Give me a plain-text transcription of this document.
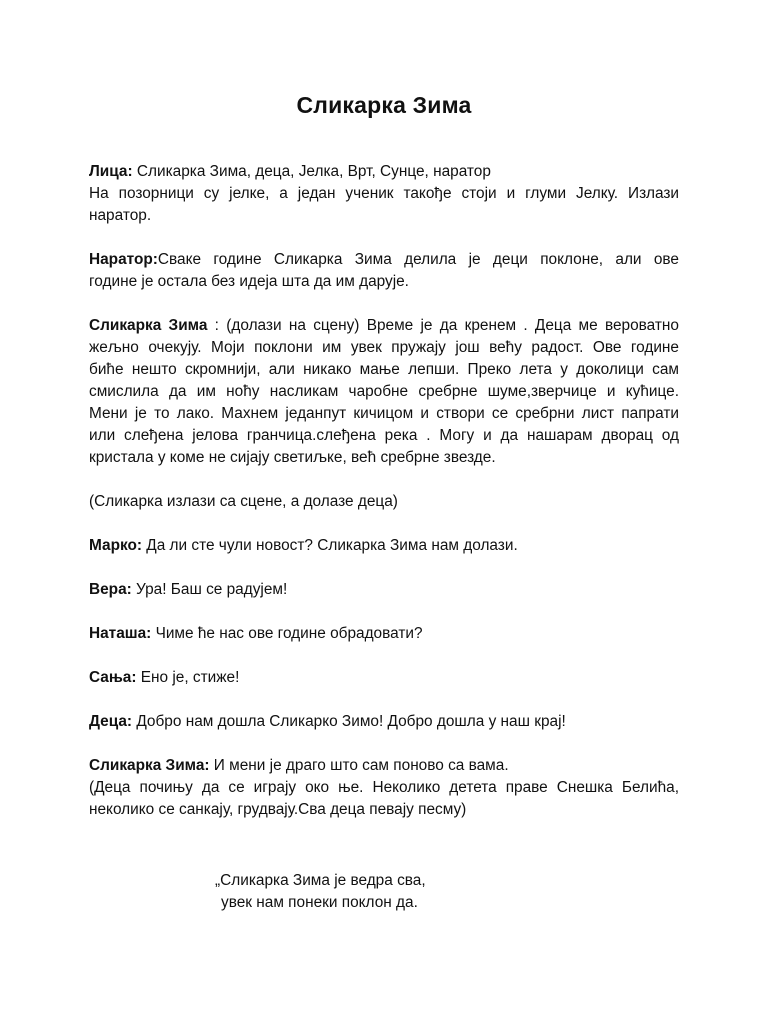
Сликарка Зима
Лица: Сликарка Зима, деца, Јелка, Врт, Сунце, наратор
На позорници су јелке, а један ученик такође стоји и глуми Јелку. Излази
наратор.
Наратор:Сваке године Сликарка Зима делила је деци поклоне, али ове
године је остала без идеја шта да им дарује.
Сликарка Зима : (долази на сцену) Време је да кренем . Деца ме вероватно
жељно очекују. Моји поклони им увек пружају још већу радост. Ове године
биће нешто скромнији, али никако мање лепши. Преко лета у доколици сам
смислила да им ноћу насликам чаробне сребрне шуме,зверчице и кућице.
Мени је то лако. Махнем једанпут кичицом и створи се сребрни лист папрати
или слеђена јелова гранчица.слеђена река . Могу и да нашарам дворац од
кристала у коме не сијају светиљке, већ сребрне звезде.
(Сликарка излази са сцене, а долазе деца)
Марко: Да ли сте чули новост? Сликарка Зима нам долази.
Вера: Ура! Баш се радујем!
Наташа: Чиме ће нас ове године обрадовати?
Сања: Ено је, стиже!
Деца: Добро нам дошла Сликарко Зимо! Добро дошла у наш крај!
Сликарка Зима: И мени је драго што сам поново са вама.
(Деца почињу да се играју око ње. Неколико детета праве Снешка Белића,
неколико се санкају, грудвају.Сва деца певају песму)
„Сликарка Зима је ведра сва,
увек нам понеки поклон да.
